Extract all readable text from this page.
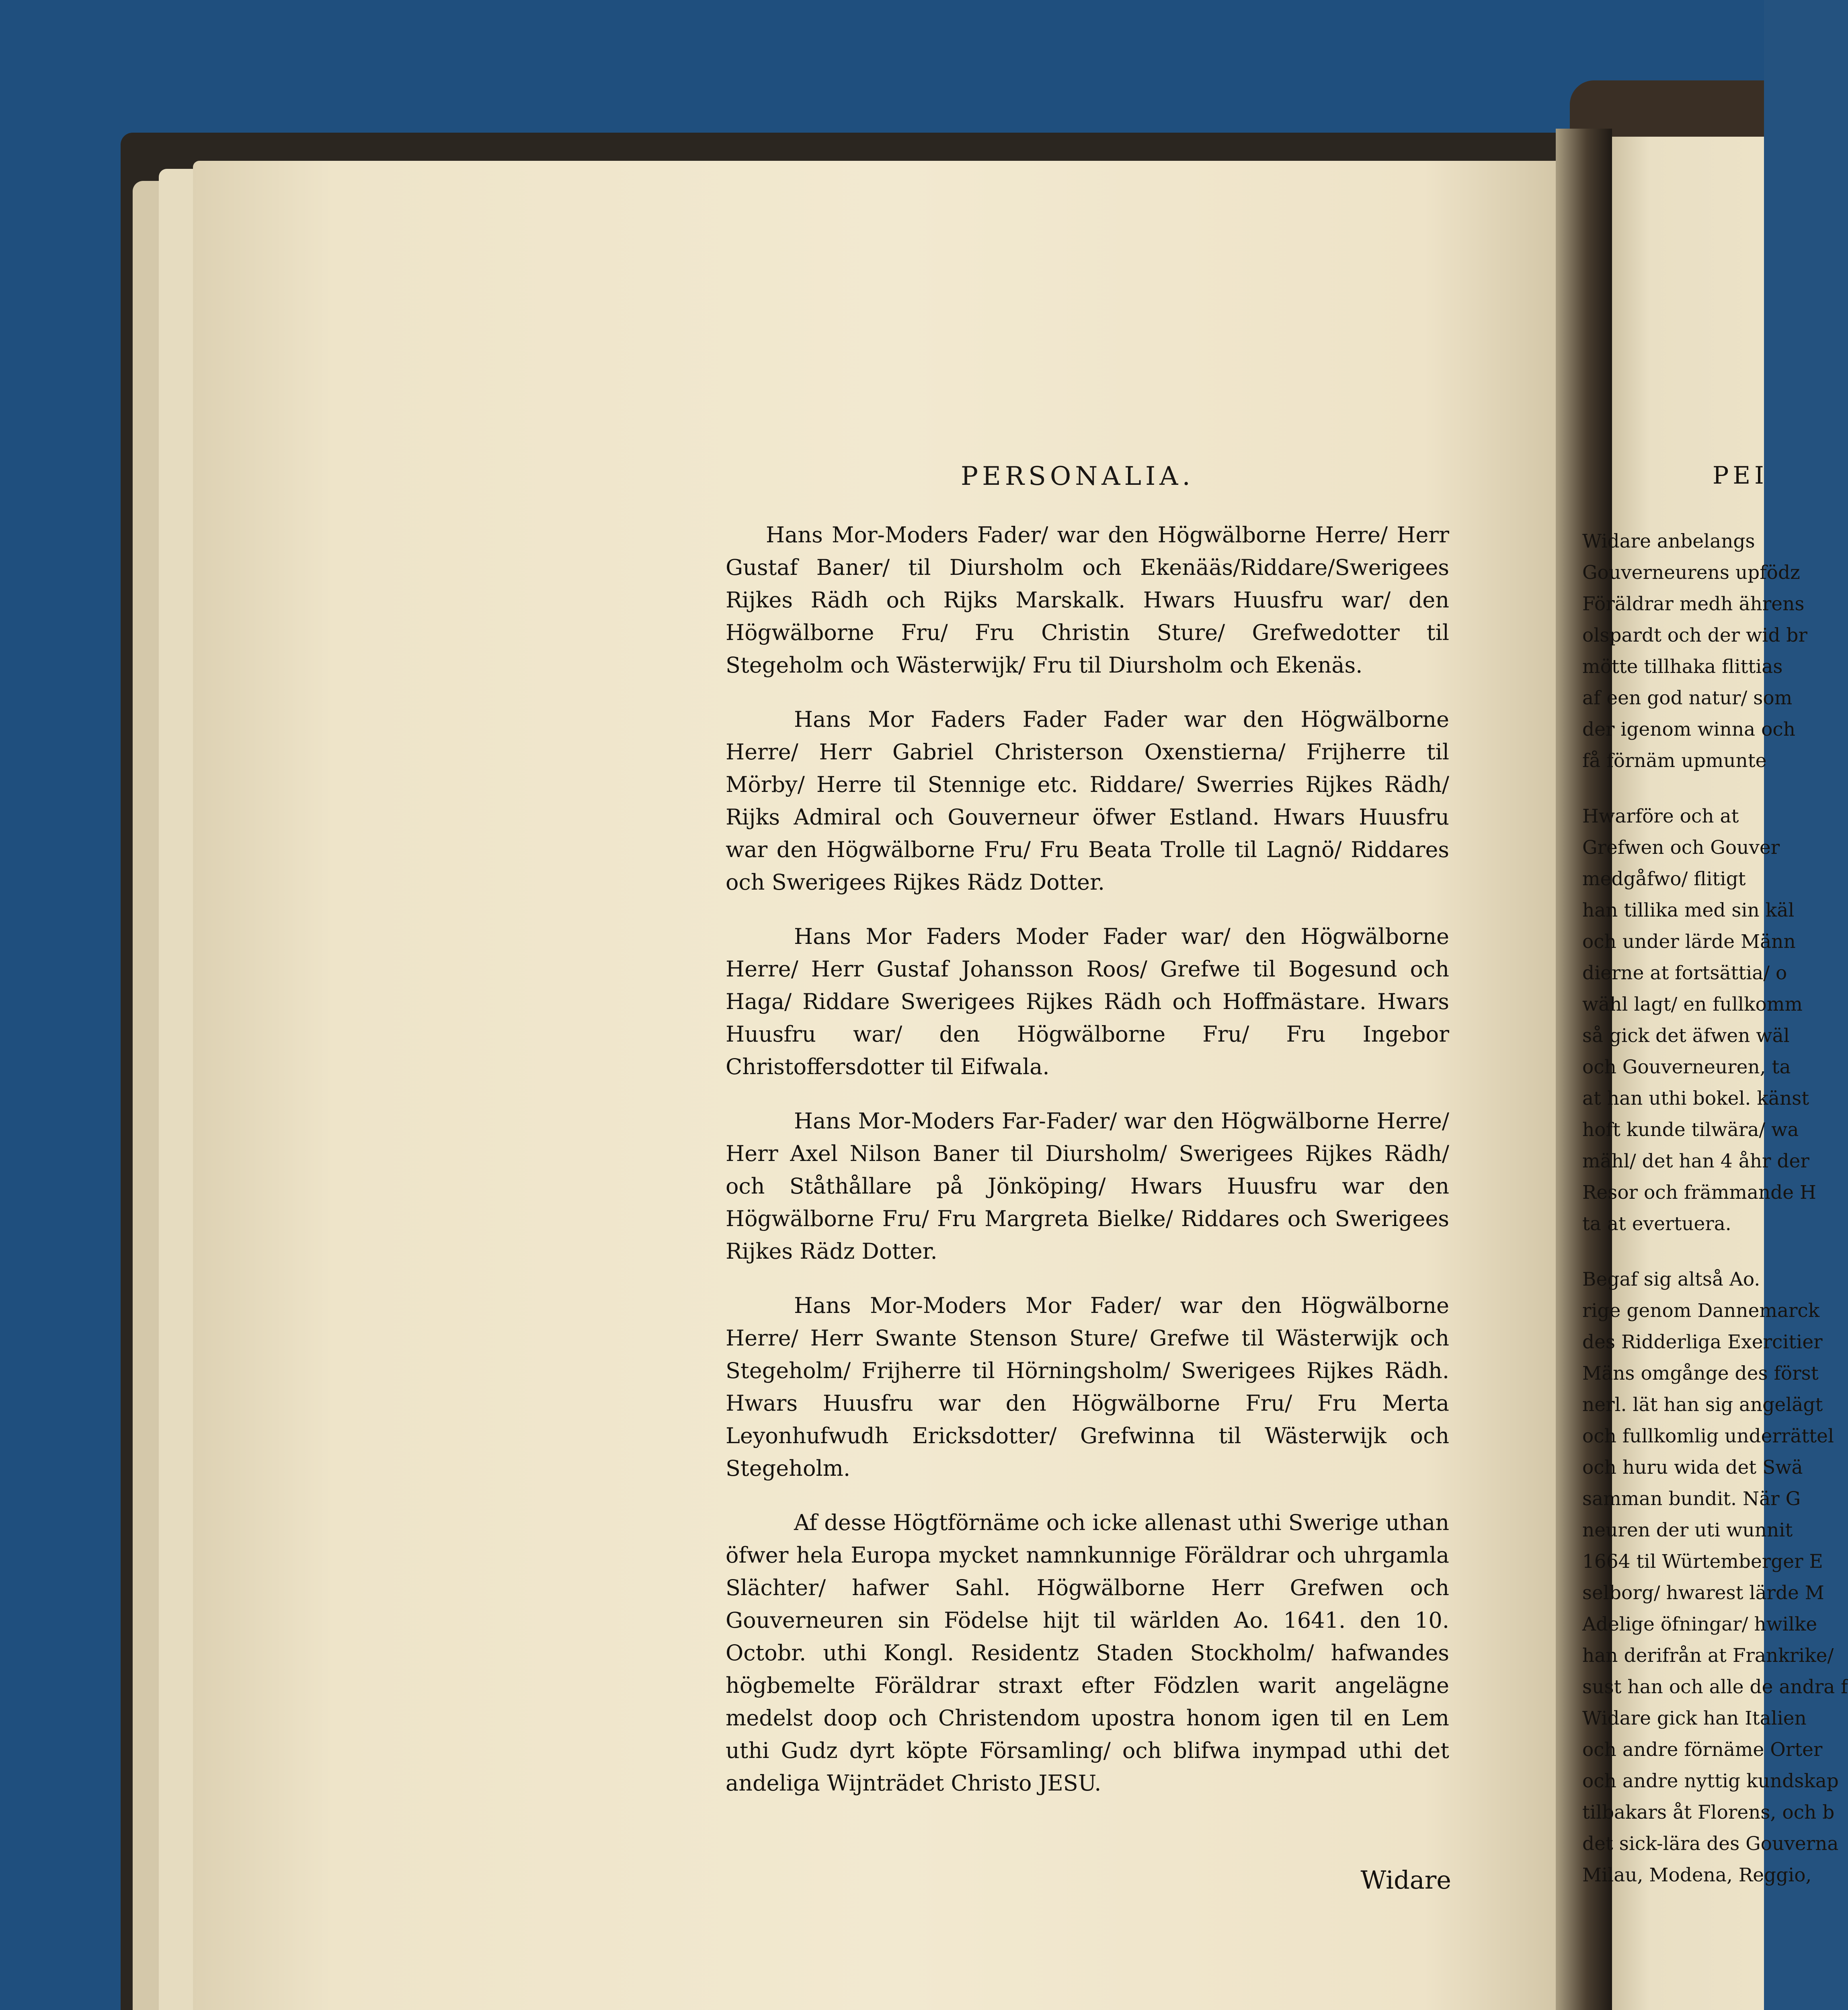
PERSONALIA.

Hans Mor-Moders Fader/ war den Högwälborne Herre/ Herr Gustaf Baner/ til Diursholm och Ekenääs/Riddare/Swerigees Rijkes Rädh och Rijks Marskalk. Hwars Huusfru war/ den Högwälborne Fru/ Fru Christin Sture/ Grefwedotter til Stegeholm och Wästerwijk/ Fru til Diursholm och Ekenäs.

Hans Mor Faders Fader Fader war den Högwälborne Herre/ Herr Gabriel Christerson Oxenstierna/ Frijherre til Mörby/ Herre til Stennige etc. Riddare/ Swerries Rijkes Rädh/ Rijks Admiral och Gouverneur öfwer Estland. Hwars Huusfru war den Högwälborne Fru/ Fru Beata Trolle til Lagnö/ Riddares och Swerigees Rijkes Rädz Dotter.

Hans Mor Faders Moder Fader war/ den Högwälborne Herre/ Herr Gustaf Johansson Roos/ Grefwe til Bogesund och Haga/ Riddare Swerigees Rijkes Rädh och Hoffmästare. Hwars Huusfru war/ den Högwälborne Fru/ Fru Ingebor Christoffersdotter til Eifwala.

Hans Mor-Moders Far-Fader/ war den Högwälborne Herre/ Herr Axel Nilson Baner til Diursholm/ Swerigees Rijkes Rädh/ och Ståthållare på Jönköping/ Hwars Huusfru war den Högwälborne Fru/ Fru Margreta Bielke/ Riddares och Swerigees Rijkes Rädz Dotter.

Hans Mor-Moders Mor Fader/ war den Högwälborne Herre/ Herr Swante Stenson Sture/ Grefwe til Wästerwijk och Stegeholm/ Frijherre til Hörningsholm/ Swerigees Rijkes Rädh. Hwars Huusfru war den Högwälborne Fru/ Fru Merta Leyonhufwudh Ericksdotter/ Grefwinna til Wästerwijk och Stegeholm.

Af desse Högtförnäme och icke allenast uthi Swerige uthan öfwer hela Europa mycket namnkunnige Föräldrar och uhrgamla Slächter/ hafwer Sahl. Högwälborne Herr Grefwen och Gouverneuren sin Födelse hijt til wärlden Ao. 1641. den 10. Octobr. uthi Kongl. Residentz Staden Stockholm/ hafwandes högbemelte Föräldrar straxt efter Födzlen warit angelägne medelst doop och Christendom upostra honom igen til en Lem uthi Gudz dyrt köpte Församling/ och blifwa inympad uthi det andeliga Wijnträdet Christo JESU.

Widare
PEI
Widare anbelangs
Gouverneurens upfödz
Föräldrar medh ährens
olspardt och der wid br
mötte tillhaka flittias
af een god natur/ som
der igenom winna och
få förnäm upmunte
Hwarföre och at
Grefwen och Gouver
medgåfwo/ flitigt
han tillika med sin käl
och under lärde Männ
dierne at fortsättia/ o
wähl lagt/ en fullkomm
så gick det äfwen wäl
och Gouverneuren, ta
at han uthi bokel. känst
hoft kunde tilwära/ wa
mähl/ det han 4 åhr der
Resor och främmande H
ta at evertuera.
Begaf sig altså Ao.
rige genom Dannemarck
des Ridderliga Exercitier
Mäns omgånge des först
nerl. lät han sig angelägt
och fullkomlig underrättel
och huru wida det Swä
samman bundit. När G
neuren der uti wunnit
1664 til Würtemberger E
selborg/ hwarest lärde M
Adelige öfningar/ hwilke
han derifrån at Frankrike/
sust han och alle de andra f
Widare gick han Italien
och andre förnäme Orter
och andre nyttig kundskap
tilbakars åt Florens, och b
det sick-lära des Gouverna
Milau, Modena, Reggio,
